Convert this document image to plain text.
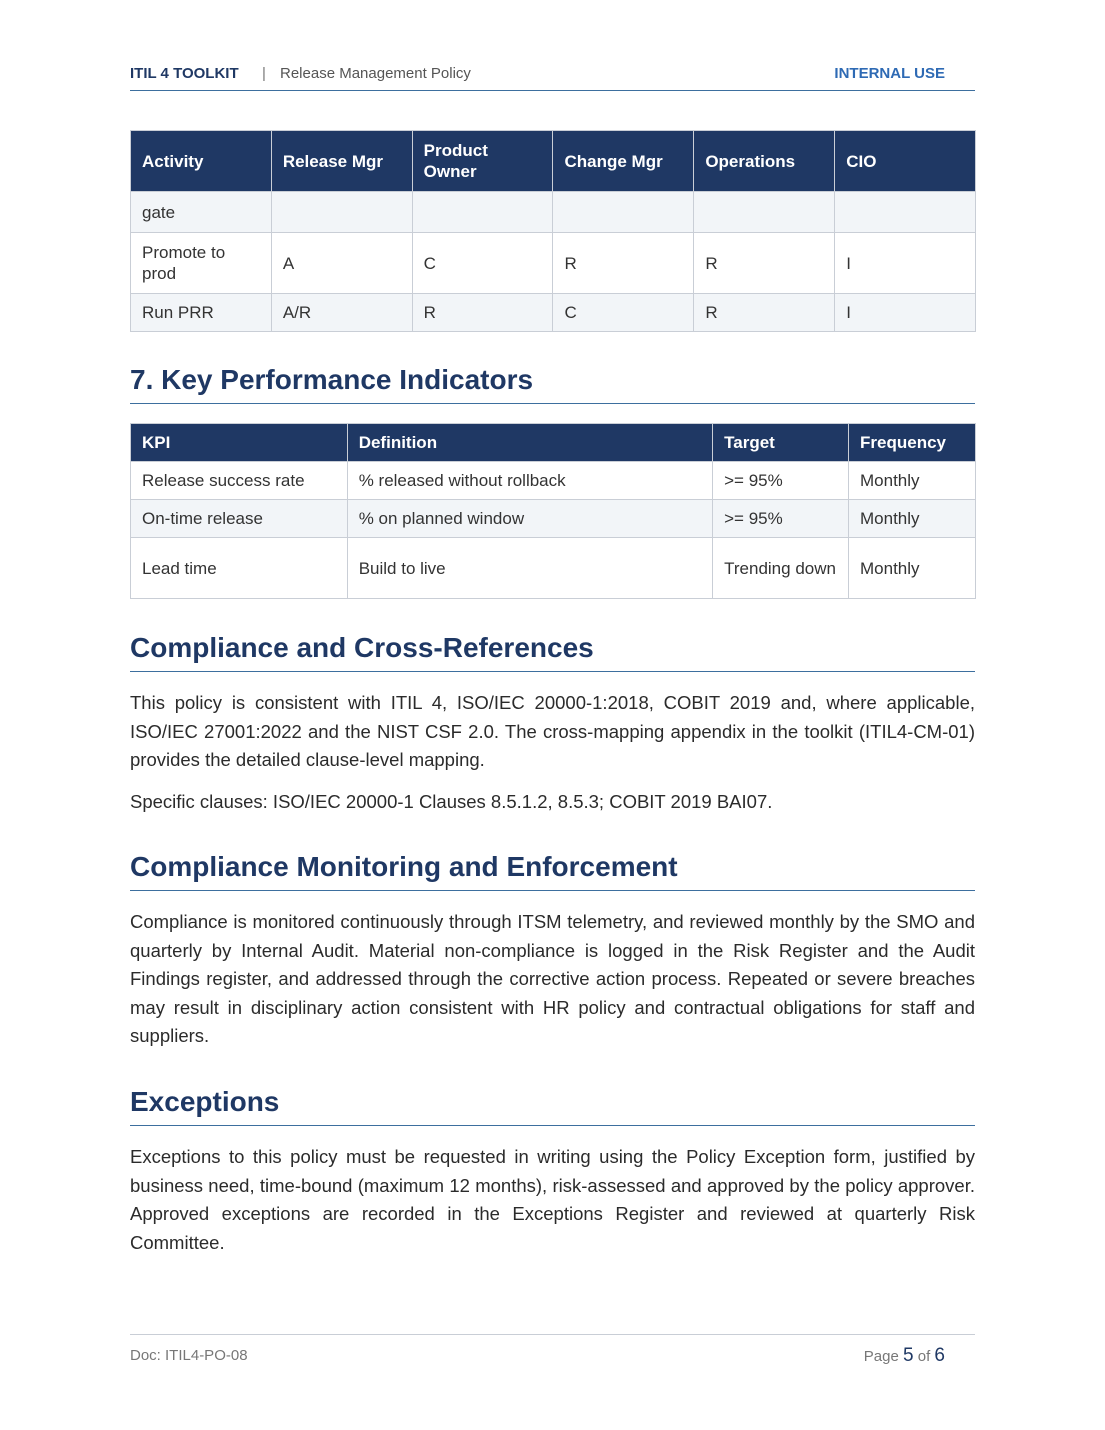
ITIL 4 TOOLKIT | Release Management Policy	INTERNAL USE
Activity	Release Mgr	Product Owner	Change Mgr	Operations	CIO
gate					
Promote to prod	A	C	R	R	I
Run PRR	A/R	R	C	R	I
7. Key Performance Indicators
KPI	Definition	Target	Frequency
Release success rate	% released without rollback	>= 95%	Monthly
On-time release	% on planned window	>= 95%	Monthly
Lead time	Build to live	Trending down	Monthly
Compliance and Cross-References

This policy is consistent with ITIL 4, ISO/IEC 20000-1:2018, COBIT 2019 and, where applicable, ISO/IEC 27001:2022 and the NIST CSF 2.0. The cross-mapping appendix in the toolkit (ITIL4-CM-01) provides the detailed clause-level mapping.

Specific clauses: ISO/IEC 20000-1 Clauses 8.5.1.2, 8.5.3; COBIT 2019 BAI07.

Compliance Monitoring and Enforcement

Compliance is monitored continuously through ITSM telemetry, and reviewed monthly by the SMO and quarterly by Internal Audit. Material non-compliance is logged in the Risk Register and the Audit Findings register, and addressed through the corrective action process. Repeated or severe breaches may result in disciplinary action consistent with HR policy and contractual obligations for staff and suppliers.

Exceptions

Exceptions to this policy must be requested in writing using the Policy Exception form, justified by business need, time-bound (maximum 12 months), risk-assessed and approved by the policy approver. Approved exceptions are recorded in the Exceptions Register and reviewed at quarterly Risk Committee.

Doc: ITIL4-PO-08	Page 5 of 6
